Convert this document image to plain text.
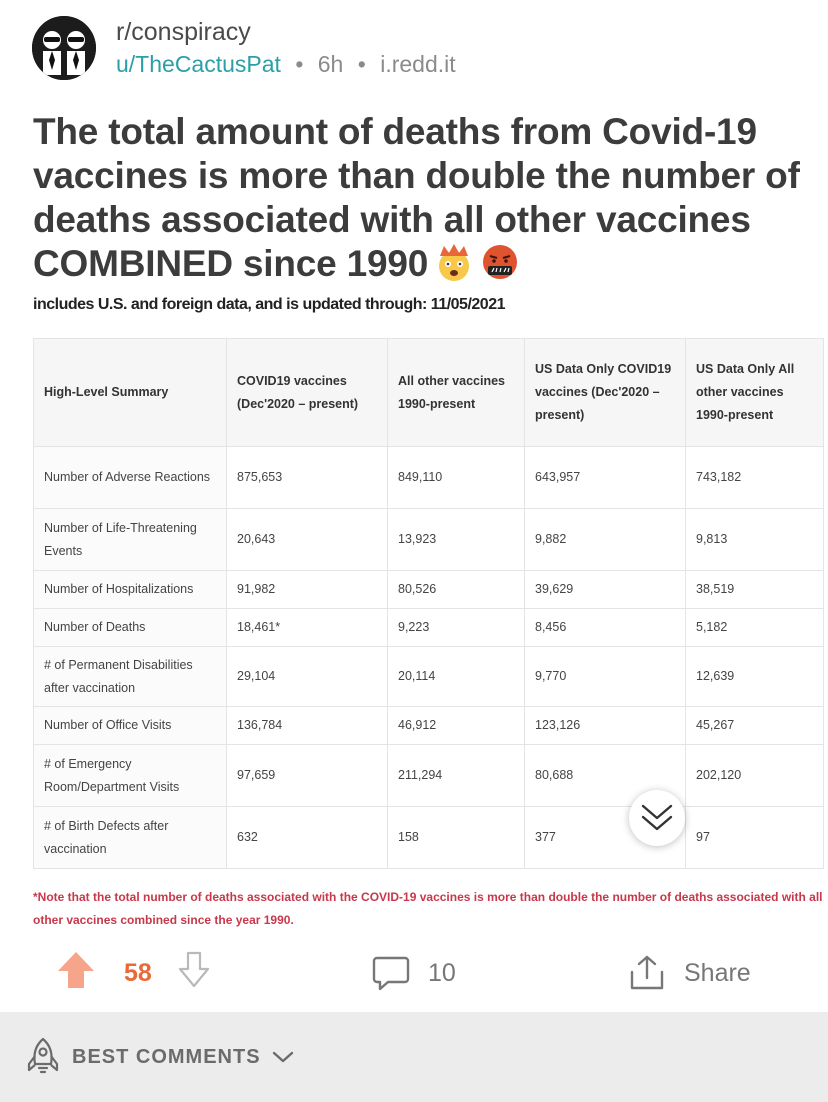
r/conspiracy
u/TheCactusPat • 6h • i.redd.it
The total amount of deaths from Covid-19 vaccines is more than double the number of deaths associated with all other vaccines COMBINED since 1990
includes U.S. and foreign data, and is updated through: 11/05/2021
High-Level Summary	COVID19 vaccines (Dec'2020 – present)	All other vaccines 1990-present	US Data Only COVID19 vaccines (Dec'2020 – present)	US Data Only All other vaccines 1990-present
Number of Adverse Reactions	875,653	849,110	643,957	743,182
Number of Life-Threatening Events	20,643	13,923	9,882	9,813
Number of Hospitalizations	91,982	80,526	39,629	38,519
Number of Deaths	18,461*	9,223	8,456	5,182
# of Permanent Disabilities after vaccination	29,104	20,114	9,770	12,639
Number of Office Visits	136,784	46,912	123,126	45,267
# of Emergency Room/Department Visits	97,659	211,294	80,688	202,120
# of Birth Defects after vaccination	632	158	377	97
*Note that the total number of deaths associated with the COVID-19 vaccines is more than double the number of deaths associated with all other vaccines combined since the year 1990.
58	10	Share
BEST COMMENTS
